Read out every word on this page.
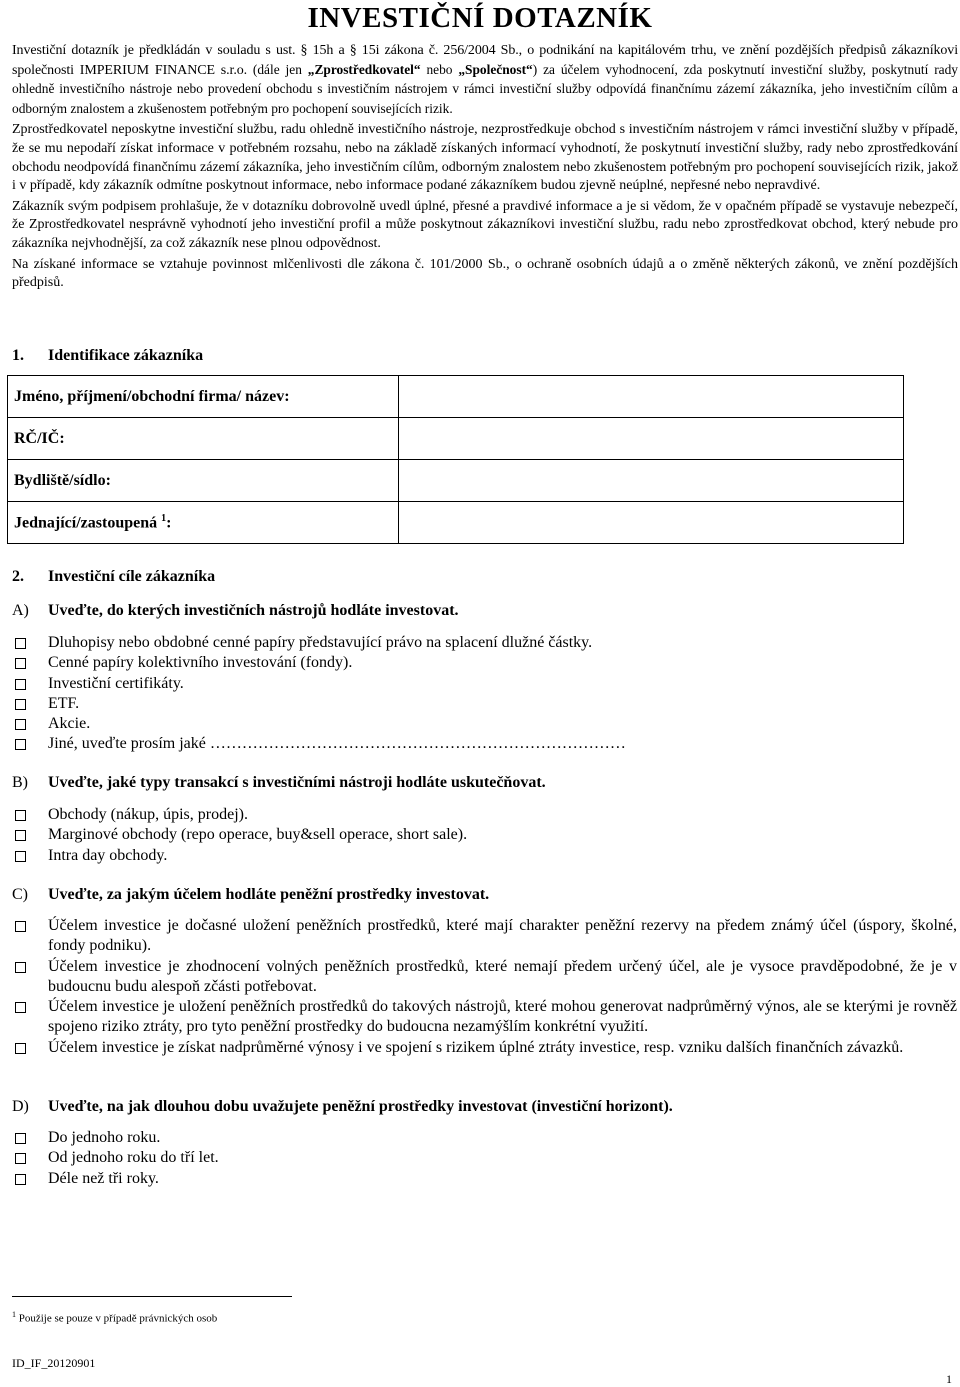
INVESTIČNÍ DOTAZNÍK

Investiční dotazník je předkládán v souladu s ust. § 15h a § 15i zákona č. 256/2004 Sb., o podnikání na kapitálovém trhu, ve znění pozdějších předpisů zákazníkovi společnosti IMPERIUM FINANCE s.r.o. (dále jen „Zprostředkovatel“ nebo „Společnost“) za účelem vyhodnocení, zda poskytnutí investiční služby, poskytnutí rady ohledně investičního nástroje nebo provedení obchodu s investičním nástrojem v rámci investiční služby odpovídá finančnímu zázemí zákazníka, jeho investičním cílům a odborným znalostem a zkušenostem potřebným pro pochopení souvisejících rizik.

Zprostředkovatel neposkytne investiční službu, radu ohledně investičního nástroje, nezprostředkuje obchod s investičním nástrojem v rámci investiční služby v případě, že se mu nepodaří získat informace v potřebném rozsahu, nebo na základě získaných informací vyhodnotí, že poskytnutí investiční služby, rady nebo zprostředkování obchodu neodpovídá finančnímu zázemí zákazníka, jeho investičním cílům, odborným znalostem nebo zkušenostem potřebným pro pochopení souvisejících rizik, jakož i v případě, kdy zákazník odmítne poskytnout informace, nebo informace podané zákazníkem budou zjevně neúplné, nepřesné nebo nepravdivé.

Zákazník svým podpisem prohlašuje, že v dotazníku dobrovolně uvedl úplné, přesné a pravdivé informace a je si vědom, že v opačném případě se vystavuje nebezpečí, že Zprostředkovatel nesprávně vyhodnotí jeho investiční profil a může poskytnout zákazníkovi investiční službu, radu nebo zprostředkovat obchod, který nebude pro zákazníka nejvhodnější, za což zákazník nese plnou odpovědnost.

Na získané informace se vztahuje povinnost mlčenlivosti dle zákona č. 101/2000 Sb., o ochraně osobních údajů a o změně některých zákonů, ve znění pozdějších předpisů.

1. Identifikace zákazníka
Jméno, příjmení/obchodní firma/ název:	
RČ/IČ:	
Bydliště/sídlo:	
Jednající/zastoupená $^1$:	
2. Investiční cíle zákazníka
A) Uveďte, do kterých investičních nástrojů hodláte investovat.
Dluhopisy nebo obdobné cenné papíry představující právo na splacení dlužné částky.
Cenné papíry kolektivního investování (fondy).
Investiční certifikáty.
ETF.
Akcie.
Jiné, uveďte prosím jaké ……………………………………………………………………
B) Uveďte, jaké typy transakcí s investičními nástroji hodláte uskutečňovat.
Obchody (nákup, úpis, prodej).
Marginové obchody (repo operace, buy&sell operace, short sale).
Intra day obchody.
C) Uveďte, za jakým účelem hodláte peněžní prostředky investovat.
Účelem investice je dočasné uložení peněžních prostředků, které mají charakter peněžní rezervy na předem známý účel (úspory, školné, fondy podniku).
Účelem investice je zhodnocení volných peněžních prostředků, které nemají předem určený účel, ale je vysoce pravděpodobné, že je v budoucnu budu alespoň zčásti potřebovat.
Účelem investice je uložení peněžních prostředků do takových nástrojů, které mohou generovat nadprůměrný výnos, ale se kterými je rovněž spojeno riziko ztráty, pro tyto peněžní prostředky do budoucna nezamýšlím konkrétní využití.
Účelem investice je získat nadprůměrné výnosy i ve spojení s rizikem úplné ztráty investice, resp. vzniku dalších finančních závazků.
D) Uveďte, na jak dlouhou dobu uvažujete peněžní prostředky investovat (investiční horizont).
Do jednoho roku.
Od jednoho roku do tří let.
Déle než tři roky.
$^1$ Použije se pouze v případě právnických osob
ID_IF_20120901
1
